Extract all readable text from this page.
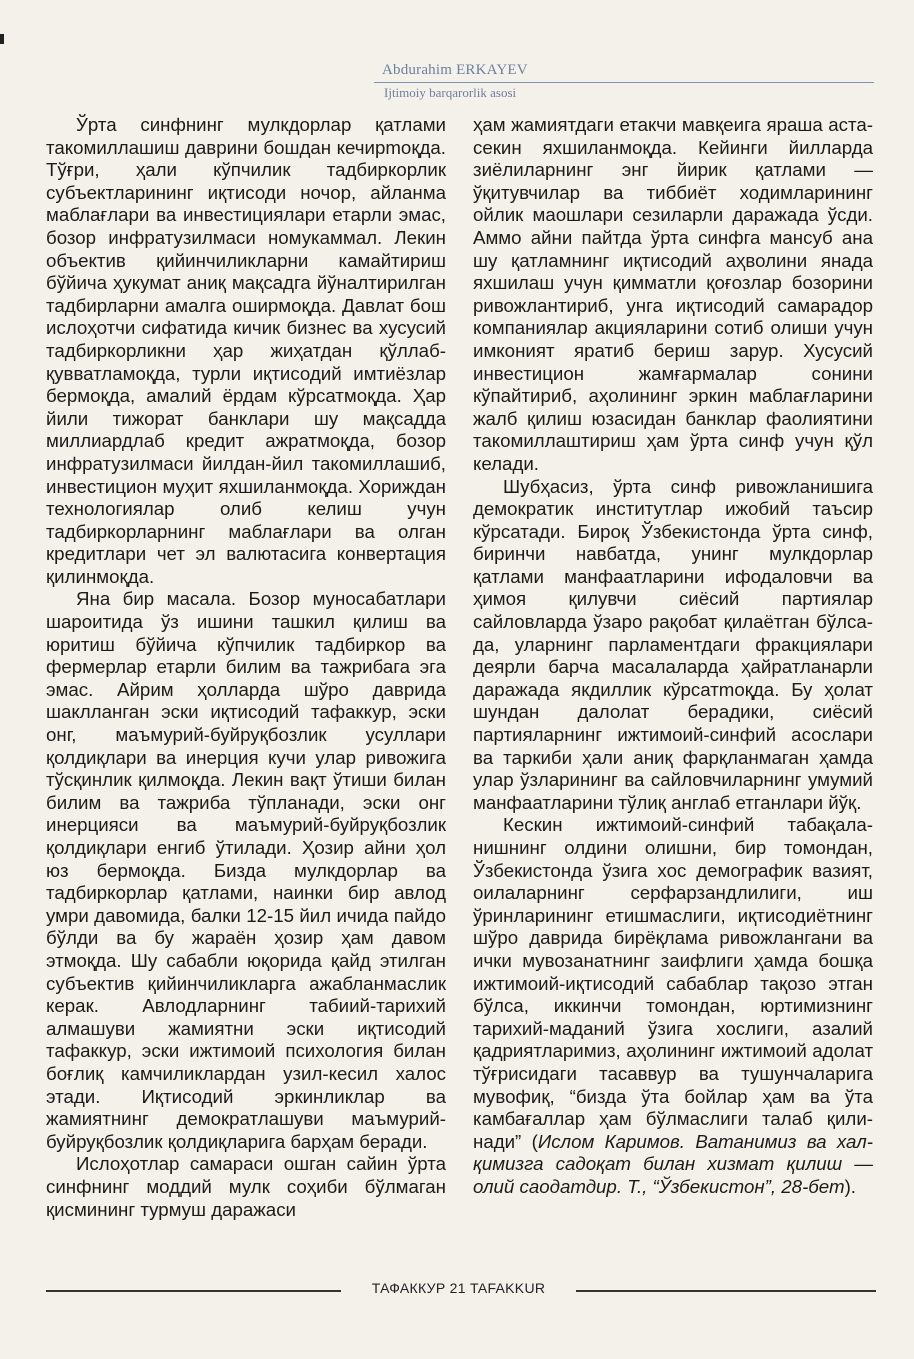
Abdurahim ERKAYEV
Ijtimoiy barqarorlik asosi

Ўрта синфнинг мулкдорлар қатлами такомиллашиш даврини бошдан кечирmоқда. Тўғри, ҳали кўпчилик тадбиркорлик субъектларининг иқтисоди ночор, айланма маблағлари ва инвестициялари етарли эмас, бозор инфратузилмаси номукаммал. Лекин объектив қийинчиликларни камайтириш бўйича ҳукумат аниқ мақсадга йўналтирилган тадбирларни амалга оширмоқда. Давлат бош ислоҳотчи сифатида кичик бизнес ва хусусий тадбиркорликни ҳар жиҳатдан қўллаб-қувватламоқда, турли иқтисодий имтиёзлар бермоқда, амалий ёрдам кўрсатмоқда. Ҳар йили тижорат банклари шу мақсадда миллиардлаб кредит ажратмоқда, бозор инфратузилмаси йилдан-йил такомиллашиб, инвестицион муҳит яхшиланмоқда. Хориждан технологиялар олиб келиш учун тадбиркорларнинг маблағлари ва олган кредитлари чет эл валютасига конвертация қилинмоқда.

Яна бир масала. Бозор муносабатлари шароитида ўз ишини ташкил қилиш ва юритиш бўйича кўпчилик тадбиркор ва фермерлар етарли билим ва тажрибага эга эмас. Айрим ҳолларда шўро даврида шаклланган эски иқтисодий тафаккур, эски онг, маъмурий-буйруқбозлик усуллари қолдиқлари ва инерция кучи улар ривожига тўсқинлик қилмоқда. Лекин вақт ўтиши билан билим ва тажриба тўпланади, эски онг инерцияси ва маъмурий-буйруқбозлик қолдиқлари енгиб ўтилади. Ҳозир айни ҳол юз бермоқда. Бизда мулкдорлар ва тадбиркорлар қатлами, наинки бир авлод умри давомида, балки 12-15 йил ичида пайдо бўлди ва бу жараён ҳозир ҳам давом этмоқда. Шу сабабли юқорида қайд этилган субъектив қийинчиликларга ажабланмаслик керак. Авлодларнинг табиий-тарихий алмашуви жамиятни эски иқтисодий тафаккур, эски ижтимоий психология билан боғлиқ камчиликлардан узил-кесил халос этади. Иқтисодий эркинликлар ва жамиятнинг демократлашуви маъмурий-буйруқбозлик қолдиқларига барҳам беради.

Ислоҳотлар самараси ошган сайин ўрта синфнинг моддий мулк соҳиби бўлмаган қисмининг турмуш даражаси

ҳам жамиятдаги етакчи мавқеига яраша аста-секин яхшиланмоқда. Кейинги йилларда зиёлиларнинг энг йирик қатлами — ўқитувчилар ва тиббиёт ходимларининг ойлик маошлари сезиларли даражада ўсди. Аммо айни пайтда ўрта синфга мансуб ана шу қатламнинг иқтисодий аҳволини янада яхшилаш учун қимматли қоғозлар бозорини ривожлантириб, унга иқтисодий самарадор компаниялар акцияларини сотиб олиши учун имконият яратиб бериш зарур. Хусусий инвестицион жамғармалар сонини кўпайтириб, аҳолининг эркин маблағларини жалб қилиш юзасидан банклар фаолиятини такомиллаштириш ҳам ўрта синф учун қўл келади.

Шубҳасиз, ўрта синф ривожланишига демократик институтлар ижобий таъсир кўрсатади. Бироқ Ўзбекистонда ўрта синф, биринчи навбатда, унинг мулкдорлар қатлами манфаатларини ифодаловчи ва ҳимоя қилувчи сиёсий партиялар сайловларда ўзаро рақобат қилаётган бўлса-да, уларнинг парламентдаги фракциялари деярли барча масалаларда ҳайратланарли даражада якдиллик кўрсатmоқда. Бу ҳолат шундан далолат берадики, сиёсий партияларнинг ижтимоий-синфий асослари ва таркиби ҳали аниқ фарқланмаган ҳамда улар ўзларининг ва сайловчиларнинг умумий манфаатларини тўлиқ англаб етганлари йўқ.

Кескин ижтимоий-синфий табақаланишнинг олдини олишни, бир томондан, Ўзбекистонда ўзига хос демографик вазият, оилаларнинг серфарзандлилиги, иш ўринларининг етишмаслиги, иқтисодиётнинг шўро даврида бирёқлама ривожлангани ва ички мувозанатнинг заифлиги ҳамда бошқа ижтимоий-иқтисодий сабаблар тақозо этган бўлса, иккинчи томондан, юртимизнинг тарихий-маданий ўзига хослиги, азалий қадриятларимиз, аҳолининг ижтимоий адолат тўғрисидаги тасаввур ва тушунчаларига мувофиқ, “бизда ўта бойлар ҳам ва ўта камбағаллар ҳам бўлмаслиги талаб қилинади” (Ислом Каримов. Ватанимиз ва халқимизга садоқат билан хизмат қилиш — олий саодатдир. Т., “Ўзбекистон”, 28-бет).

ТАФАККУР 21 TAFAKKUR
